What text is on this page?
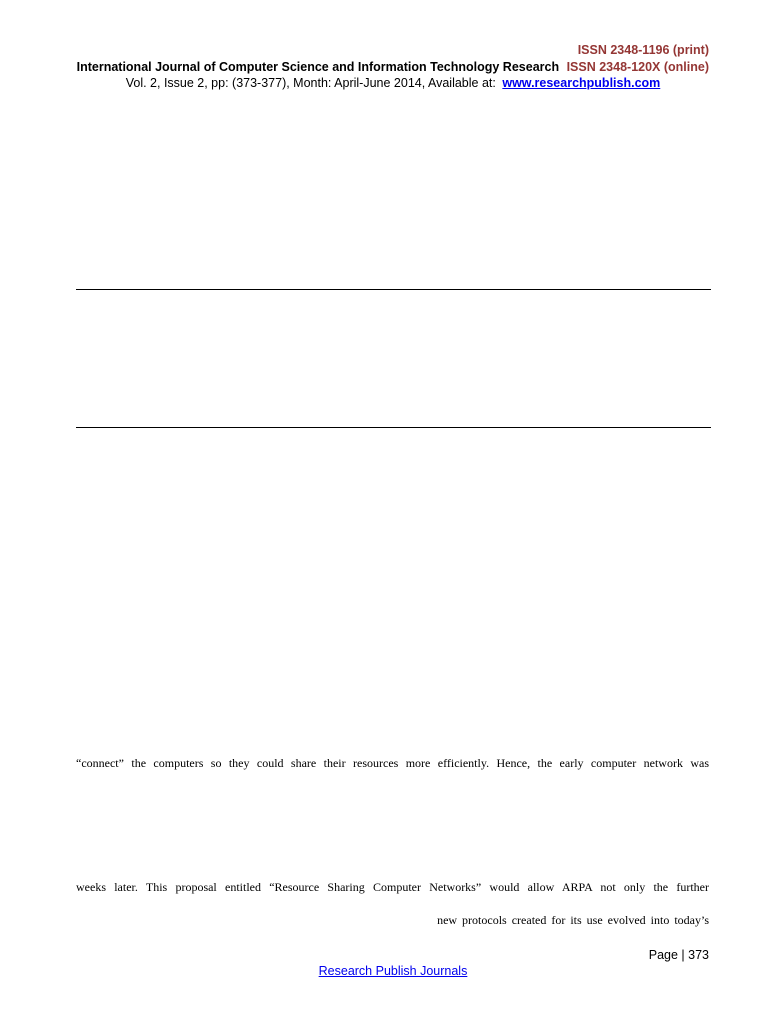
ISSN 2348-1196 (print)
International Journal of Computer Science and Information Technology Research ISSN 2348-120X (online)
Vol. 2, Issue 2, pp: (373-377), Month: April-June 2014, Available at: www.researchpublish.com
“connect” the computers so they could share their resources more efficiently. Hence, the early computer network was
weeks later. This proposal entitled “Resource Sharing Computer Networks” would allow ARPA not only the further
new protocols created for its use evolved into today’s
Page | 373
Research Publish Journals
